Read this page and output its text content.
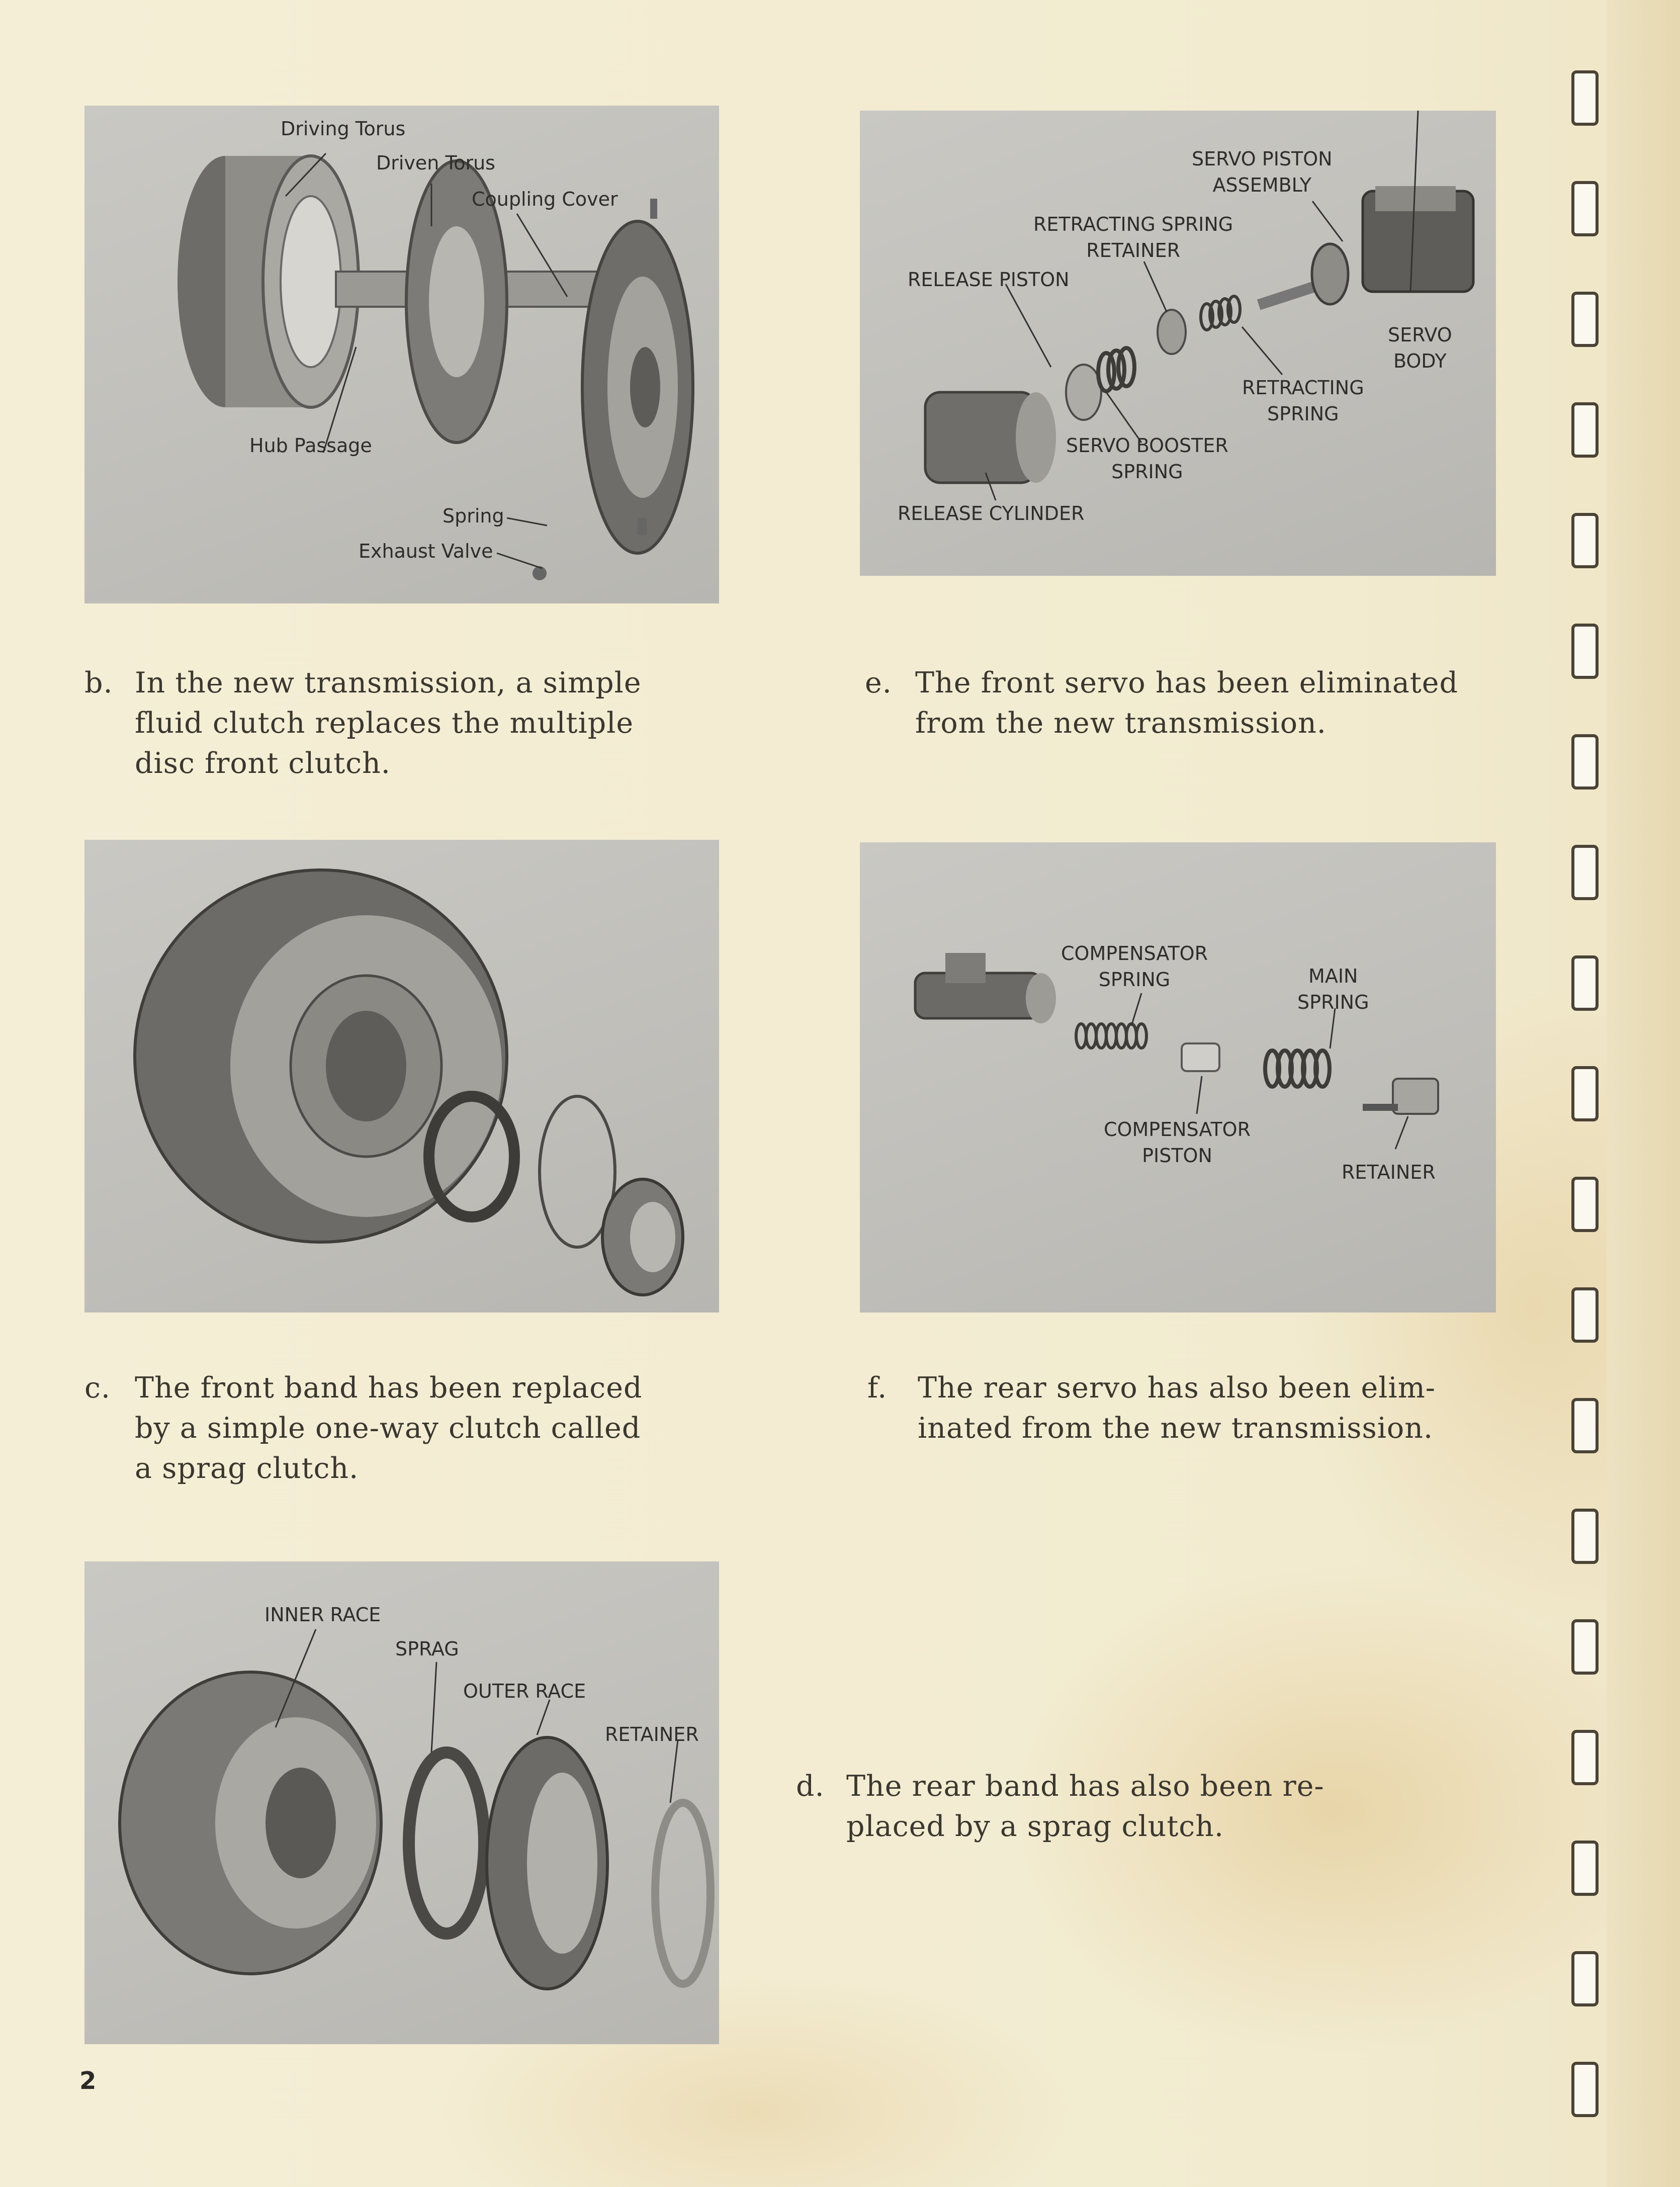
Driving Torus
Driven Torus
Coupling Cover
Hub Passage
Spring
Exhaust Valve
SERVO PISTON
ASSEMBLY
RETRACTING SPRING
RETAINER
RELEASE PISTON
SERVO
BODY
RETRACTING
SPRING
SERVO BOOSTER
SPRING
RELEASE CYLINDER
b. In the new transmission, a simple
fluid clutch replaces the multiple
disc front clutch.
e. The front servo has been eliminated
from the new transmission.
COMPENSATOR
SPRING	MAIN
SPRING
COMPENSATOR
PISTON
RETAINER
c. The front band has been replaced
by a simple one-way clutch called
a sprag clutch.
f. The rear servo has also been elim-
inated from the new transmission.
INNER RACE
SPRAG
OUTER RACE
RETAINER
d. The rear band has also been re-
placed by a sprag clutch.
2
